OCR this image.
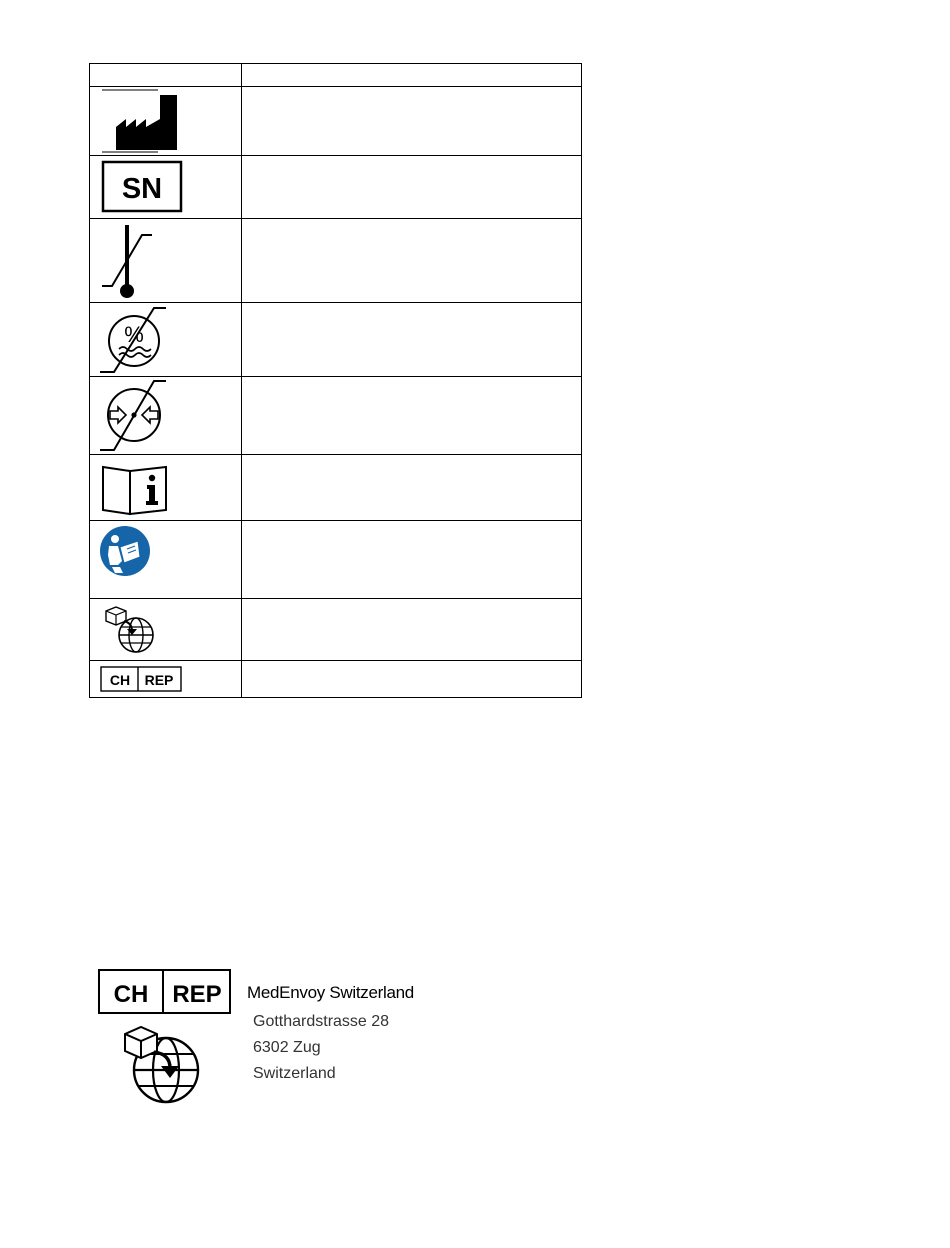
SN	

%	

CH REP	

CH REP MedEnvoy Switzerland
Gotthardstrasse 28
6302 Zug
Switzerland
